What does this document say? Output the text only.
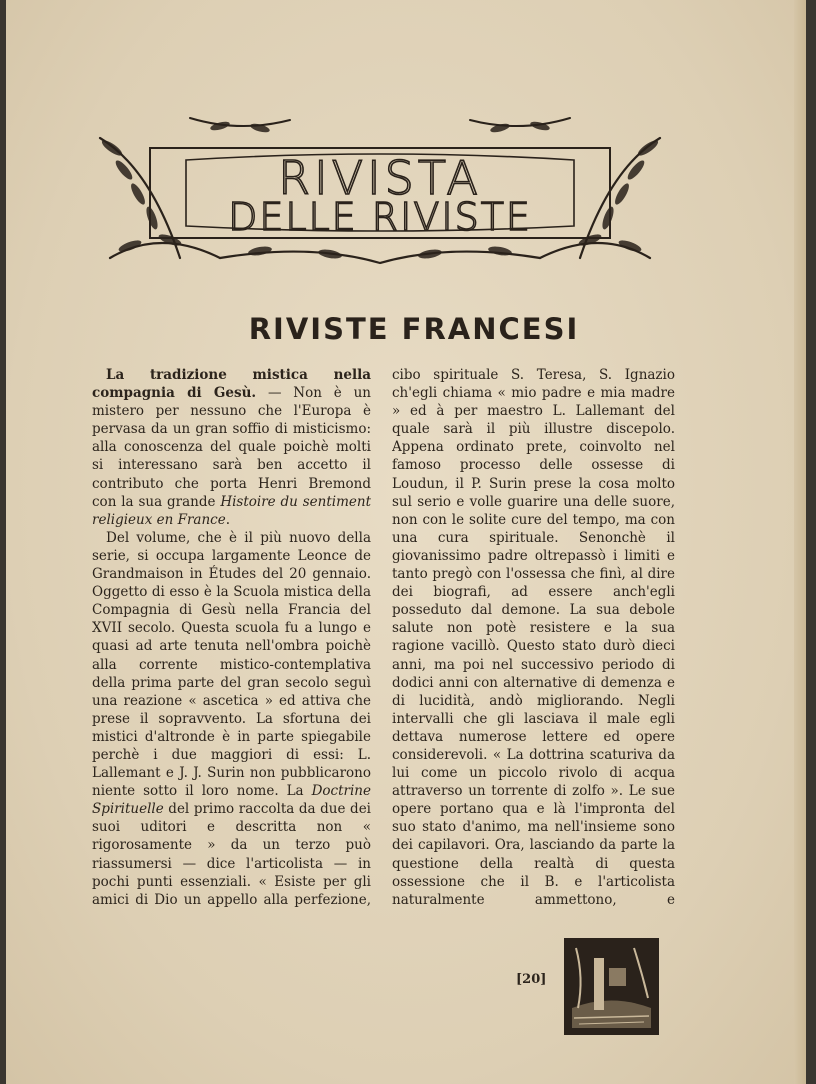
RIVISTA
DELLE RIVISTE
RIVISTE FRANCESI

La tradizione mistica nella compagnia di Gesù. — Non è un mistero per nessuno che l'Europa è pervasa da un gran soffio di misticismo: alla conoscenza del quale poichè molti si interessano sarà ben accetto il contributo che porta Henri Bremond con la sua grande Histoire du sentiment religieux en France.

Del volume, che è il più nuovo della serie, si occupa largamente Leonce de Grandmaison in Études del 20 gennaio. Oggetto di esso è la Scuola mistica della Compagnia di Gesù nella Francia del XVII secolo. Questa scuola fu a lungo e quasi ad arte tenuta nell'ombra poichè alla corrente mistico-contemplativa della prima parte del gran secolo seguì una reazione « ascetica » ed attiva che prese il sopravvento. La sfortuna dei mistici d'altronde è in parte spiegabile perchè i due maggiori di essi: L. Lallemant e J. J. Surin non pubblicarono niente sotto il loro nome. La Doctrine Spirituelle del primo raccolta da due dei suoi uditori e descritta non « rigorosamente » da un terzo può riassumersi — dice l'articolista — in pochi punti essenziali. « Esiste per gli amici di Dio un appello alla perfezione,

cibo spirituale S. Teresa, S. Ignazio ch'egli chiama « mio padre e mia madre » ed à per maestro L. Lallemant del quale sarà il più illustre discepolo. Appena ordinato prete, coinvolto nel famoso processo delle ossesse di Loudun, il P. Surin prese la cosa molto sul serio e volle guarire una delle suore, non con le solite cure del tempo, ma con una cura spirituale. Senonchè il giovanissimo padre oltrepassò i limiti e tanto pregò con l'ossessa che finì, al dire dei biografi, ad essere anch'egli posseduto dal demone. La sua debole salute non potè resistere e la sua ragione vacillò. Questo stato durò dieci anni, ma poi nel successivo periodo di dodici anni con alternative di demenza e di lucidità, andò migliorando. Negli intervalli che gli lasciava il male egli dettava numerose lettere ed opere considerevoli. « La dottrina scaturiva da lui come un piccolo rivolo di acqua attraverso un torrente di zolfo ». Le sue opere portano qua e là l'impronta del suo stato d'animo, ma nell'insieme sono dei capilavori. Ora, lasciando da parte la questione della realtà di questa ossessione che il B. e l'articolista naturalmente ammettono, e

[20]
